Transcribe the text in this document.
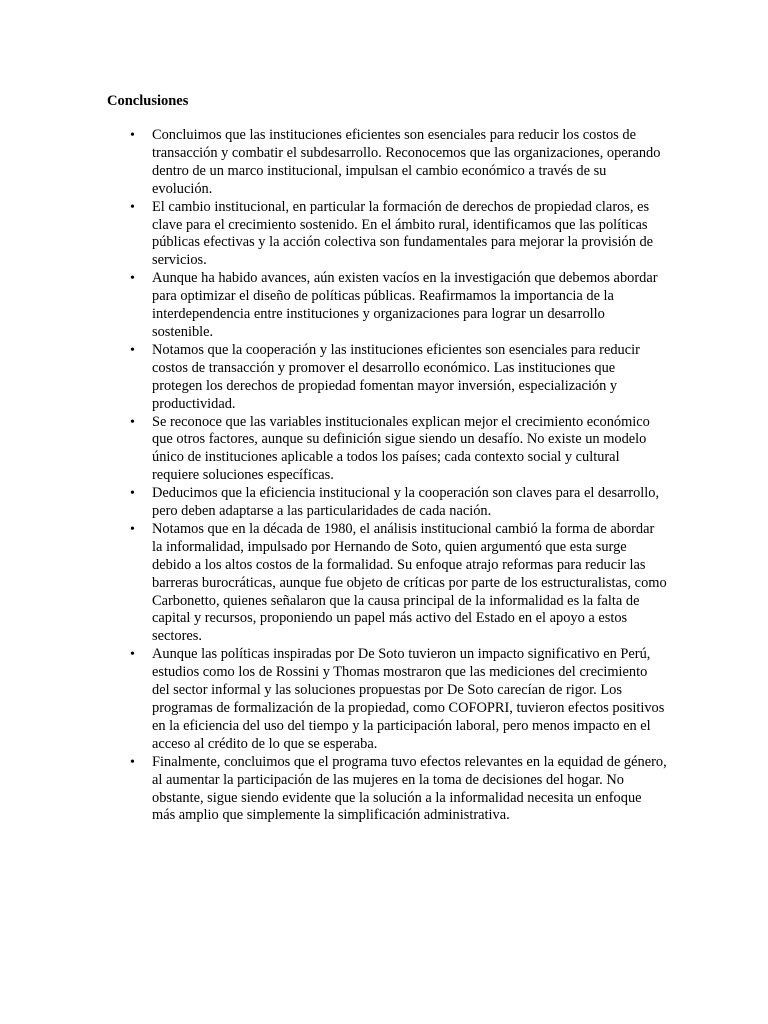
Conclusiones
• Concluimos que las instituciones eficientes son esenciales para reducir los costos de transacción y combatir el subdesarrollo. Reconocemos que las organizaciones, operando dentro de un marco institucional, impulsan el cambio económico a través de su evolución.
• El cambio institucional, en particular la formación de derechos de propiedad claros, es clave para el crecimiento sostenido. En el ámbito rural, identificamos que las políticas públicas efectivas y la acción colectiva son fundamentales para mejorar la provisión de servicios.
• Aunque ha habido avances, aún existen vacíos en la investigación que debemos abordar para optimizar el diseño de políticas públicas. Reafirmamos la importancia de la interdependencia entre instituciones y organizaciones para lograr un desarrollo sostenible.
• Notamos que la cooperación y las instituciones eficientes son esenciales para reducir costos de transacción y promover el desarrollo económico. Las instituciones que protegen los derechos de propiedad fomentan mayor inversión, especialización y productividad.
• Se reconoce que las variables institucionales explican mejor el crecimiento económico que otros factores, aunque su definición sigue siendo un desafío. No existe un modelo único de instituciones aplicable a todos los países; cada contexto social y cultural requiere soluciones específicas.
• Deducimos que la eficiencia institucional y la cooperación son claves para el desarrollo, pero deben adaptarse a las particularidades de cada nación.
• Notamos que en la década de 1980, el análisis institucional cambió la forma de abordar la informalidad, impulsado por Hernando de Soto, quien argumentó que esta surge debido a los altos costos de la formalidad. Su enfoque atrajo reformas para reducir las barreras burocráticas, aunque fue objeto de críticas por parte de los estructuralistas, como Carbonetto, quienes señalaron que la causa principal de la informalidad es la falta de capital y recursos, proponiendo un papel más activo del Estado en el apoyo a estos sectores.
• Aunque las políticas inspiradas por De Soto tuvieron un impacto significativo en Perú, estudios como los de Rossini y Thomas mostraron que las mediciones del crecimiento del sector informal y las soluciones propuestas por De Soto carecían de rigor. Los programas de formalización de la propiedad, como COFOPRI, tuvieron efectos positivos en la eficiencia del uso del tiempo y la participación laboral, pero menos impacto en el acceso al crédito de lo que se esperaba.
• Finalmente, concluimos que el programa tuvo efectos relevantes en la equidad de género, al aumentar la participación de las mujeres en la toma de decisiones del hogar. No obstante, sigue siendo evidente que la solución a la informalidad necesita un enfoque más amplio que simplemente la simplificación administrativa.
